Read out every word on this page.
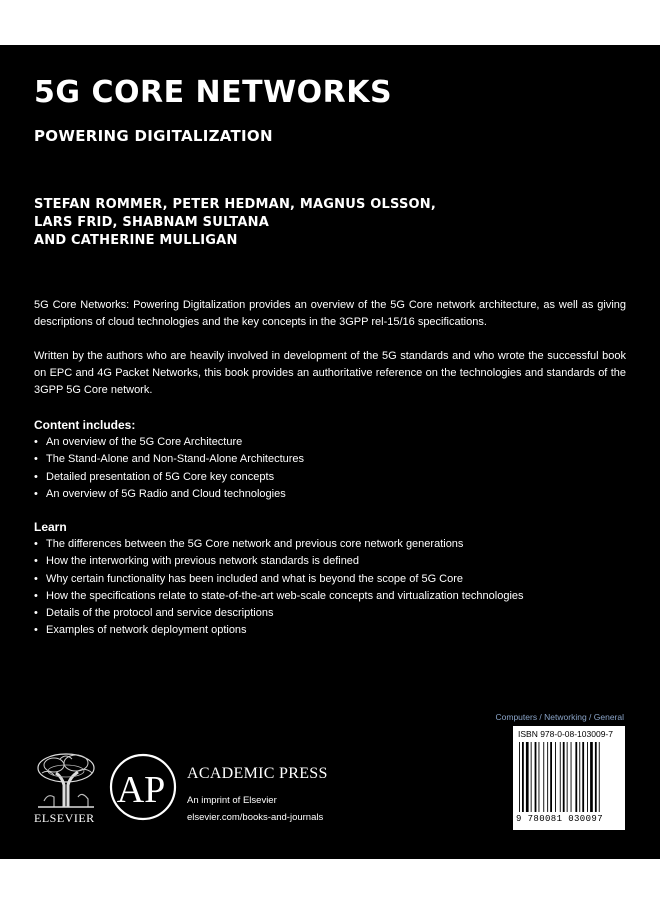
5G CORE NETWORKS
POWERING DIGITALIZATION
STEFAN ROMMER, PETER HEDMAN, MAGNUS OLSSON,
LARS FRID, SHABNAM SULTANA
AND CATHERINE MULLIGAN

5G Core Networks: Powering Digitalization provides an overview of the 5G Core network architecture, as well as giving descriptions of cloud technologies and the key concepts in the 3GPP rel-15/16 specifications.

Written by the authors who are heavily involved in development of the 5G standards and who wrote the successful book on EPC and 4G Packet Networks, this book provides an authoritative reference on the technologies and standards of the 3GPP 5G Core network.

Content includes:

• An overview of the 5G Core Architecture
• The Stand-Alone and Non-Stand-Alone Architectures
• Detailed presentation of 5G Core key concepts
• An overview of 5G Radio and Cloud technologies

Learn

• The differences between the 5G Core network and previous core network generations
• How the interworking with previous network standards is defined
• Why certain functionality has been included and what is beyond the scope of 5G Core
• How the specifications relate to state-of-the-art web-scale concepts and virtualization technologies
• Details of the protocol and service descriptions
• Examples of network deployment options
Computers / Networking / General
ISBN 978-0-08-103009-7
9 780081 030097
ELSEVIER
AP ACADEMIC PRESS
An imprint of Elsevier
elsevier.com/books-and-journals
